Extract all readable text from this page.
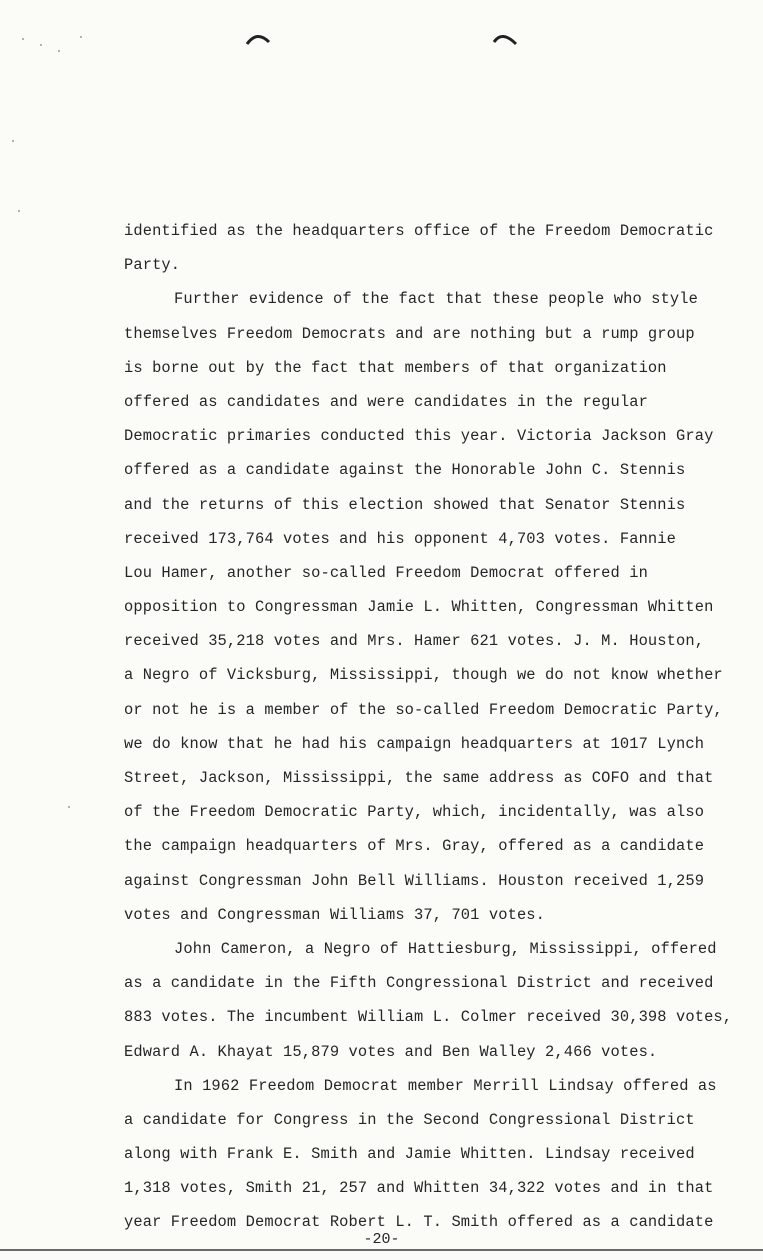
identified as the headquarters office of the Freedom Democratic
Party.
Further evidence of the fact that these people who style
themselves Freedom Democrats and are nothing but a rump group
is borne out by the fact that members of that organization
offered as candidates and were candidates in the regular
Democratic primaries conducted this year. Victoria Jackson Gray
offered as a candidate against the Honorable John C. Stennis
and the returns of this election showed that Senator Stennis
received 173,764 votes and his opponent 4,703 votes. Fannie
Lou Hamer, another so-called Freedom Democrat offered in
opposition to Congressman Jamie L. Whitten, Congressman Whitten
received 35,218 votes and Mrs. Hamer 621 votes. J. M. Houston,
a Negro of Vicksburg, Mississippi, though we do not know whether
or not he is a member of the so-called Freedom Democratic Party,
we do know that he had his campaign headquarters at 1017 Lynch
Street, Jackson, Mississippi, the same address as COFO and that
of the Freedom Democratic Party, which, incidentally, was also
the campaign headquarters of Mrs. Gray, offered as a candidate
against Congressman John Bell Williams. Houston received 1,259
votes and Congressman Williams 37, 701 votes.
John Cameron, a Negro of Hattiesburg, Mississippi, offered
as a candidate in the Fifth Congressional District and received
883 votes. The incumbent William L. Colmer received 30,398 votes,
Edward A. Khayat 15,879 votes and Ben Walley 2,466 votes.
In 1962 Freedom Democrat member Merrill Lindsay offered as
a candidate for Congress in the Second Congressional District
along with Frank E. Smith and Jamie Whitten. Lindsay received
1,318 votes, Smith 21, 257 and Whitten 34,322 votes and in that
year Freedom Democrat Robert L. T. Smith offered as a candidate
-20-
